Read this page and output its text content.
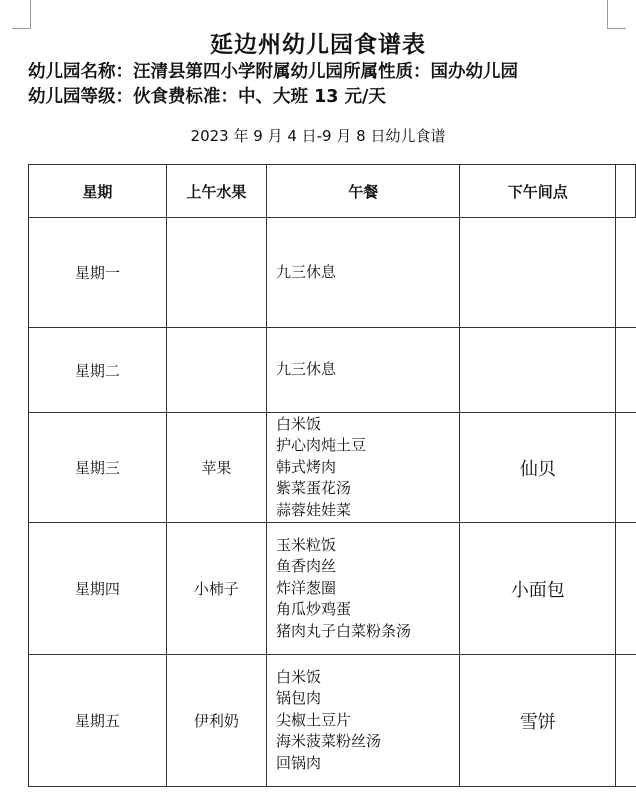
延边州幼儿园食谱表
幼儿园名称：汪清县第四小学附属幼儿园所属性质：国办幼儿园
幼儿园等级：伙食费标准：中、大班 13 元/天
2023 年 9 月 4 日-9 月 8 日幼儿食谱
星期	上午水果	午餐	下午间点	
星期一		九三休息		

星期二		九三休息		

星期三	苹果	白米饭
护心肉炖土豆
韩式烤肉
紫菜蛋花汤
蒜蓉娃娃菜	仙贝	
星期四	小柿子	玉米粒饭
鱼香肉丝
炸洋葱圈
角瓜炒鸡蛋
猪肉丸子白菜粉条汤	小面包	
星期五	伊利奶	白米饭
锅包肉
尖椒土豆片
海米菠菜粉丝汤
回锅肉	雪饼	
